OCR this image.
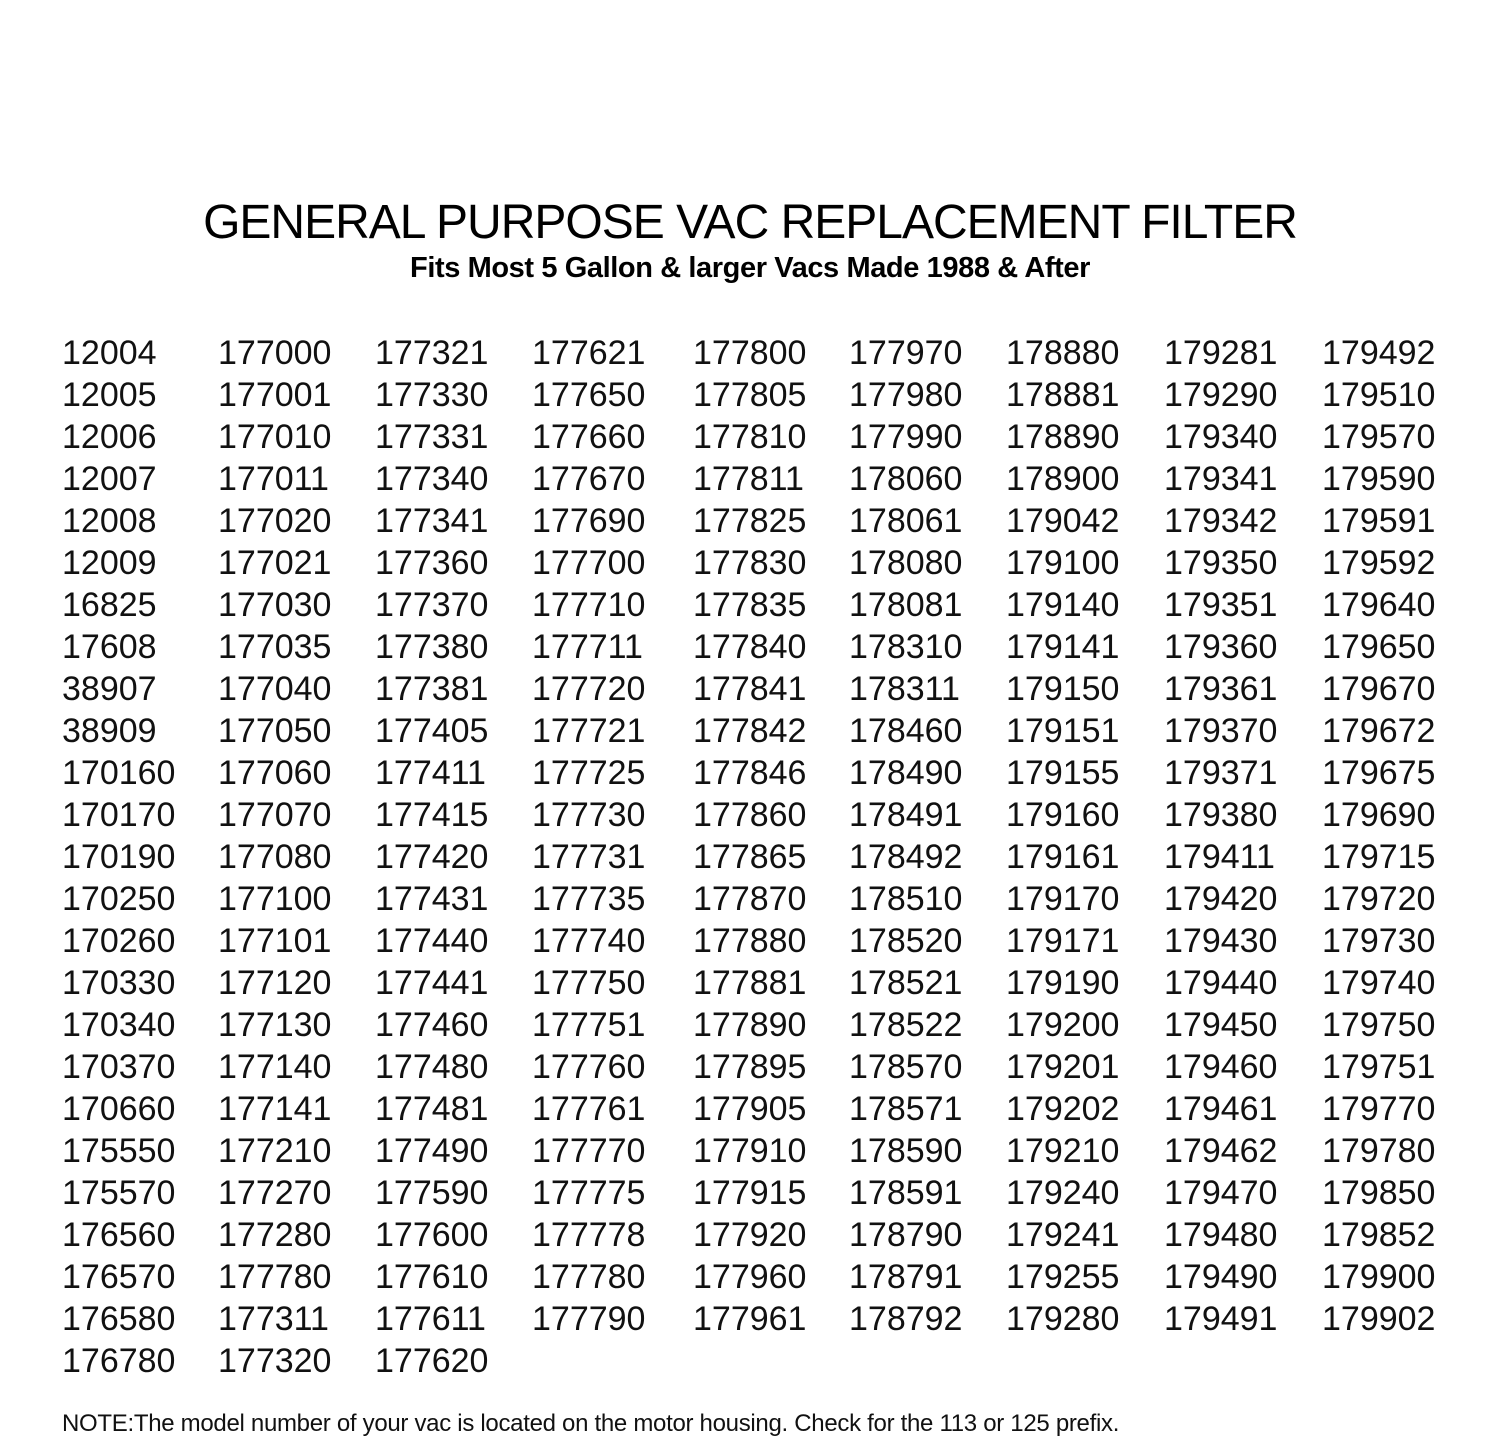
GENERAL PURPOSE VAC REPLACEMENT FILTER
Fits Most 5 Gallon & larger Vacs Made 1988 & After
12004
12005
12006
12007
12008
12009
16825
17608
38907
38909
170160
170170
170190
170250
170260
170330
170340
170370
170660
175550
175570
176560
176570
176580
176780
177000
177001
177010
177011
177020
177021
177030
177035
177040
177050
177060
177070
177080
177100
177101
177120
177130
177140
177141
177210
177270
177280
177780
177311
177320
177321
177330
177331
177340
177341
177360
177370
177380
177381
177405
177411
177415
177420
177431
177440
177441
177460
177480
177481
177490
177590
177600
177610
177611
177620
177621
177650
177660
177670
177690
177700
177710
177711
177720
177721
177725
177730
177731
177735
177740
177750
177751
177760
177761
177770
177775
177778
177780
177790
177800
177805
177810
177811
177825
177830
177835
177840
177841
177842
177846
177860
177865
177870
177880
177881
177890
177895
177905
177910
177915
177920
177960
177961
177970
177980
177990
178060
178061
178080
178081
178310
178311
178460
178490
178491
178492
178510
178520
178521
178522
178570
178571
178590
178591
178790
178791
178792
178880
178881
178890
178900
179042
179100
179140
179141
179150
179151
179155
179160
179161
179170
179171
179190
179200
179201
179202
179210
179240
179241
179255
179280
179281
179290
179340
179341
179342
179350
179351
179360
179361
179370
179371
179380
179411
179420
179430
179440
179450
179460
179461
179462
179470
179480
179490
179491
179492
179510
179570
179590
179591
179592
179640
179650
179670
179672
179675
179690
179715
179720
179730
179740
179750
179751
179770
179780
179850
179852
179900
179902
NOTE:The model number of your vac is located on the motor housing. Check for the 113 or 125 prefix.
